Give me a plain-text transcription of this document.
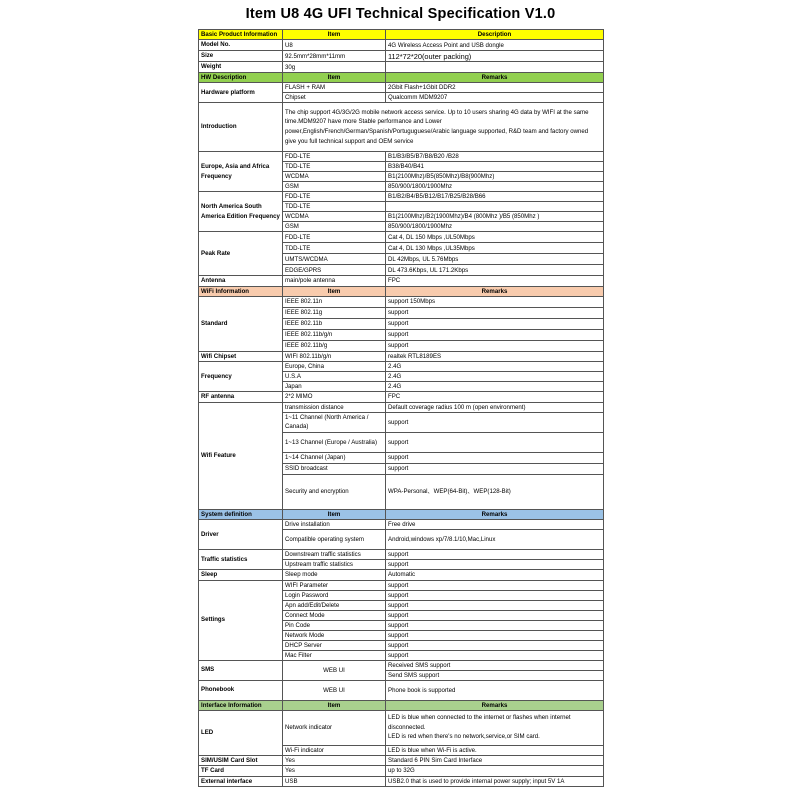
Item U8 4G UFI Technical Specification V1.0
Basic Product Information	Item	Description
Model No.	U8	4G Wireless Access Point and USB dongle
Size	92.5mm*28mm*11mm	112*72*20(outer packing)
Weight	30g	
HW Description	Item	Remarks
Hardware platform	FLASH + RAM	2Gbit Flash+1Gbit DDR2
	Chipset	Qualcomm MDM9207
Introduction	The chip support 4G/3G/2G mobile network access service. Up to 10 users sharing 4G data by WIFI at the same time.MDM9207 have more Stable performance and Lower power,English/French/German/Spanish/Portuguguese/Arabic language supported, R&D team and factory owned give you full technical support and OEM service	
Europe, Asia and Africa Frequency	FDD-LTE	B1/B3/B5/B7/B8/B20 /B28
	TDD-LTE	B38/B40/B41
	WCDMA	B1(2100Mhz)/B5(850Mhz)/B8(900Mhz)
	GSM	850/900/1800/1900Mhz
North America South America Edition Frequency	FDD-LTE	B1/B2/B4/B5/B12/B17/B25/B28/B66
	TDD-LTE	
	WCDMA	B1(2100Mhz)/B2(1900Mhz)/B4 (800Mhz )/B5 (850Mhz )
	GSM	850/900/1800/1900Mhz
Peak Rate	FDD-LTE	Cat 4, DL 150 Mbps ,UL50Mbps
	TDD-LTE	Cat 4, DL 130 Mbps ,UL35Mbps
	UMTS/WCDMA	DL 42Mbps, UL 5.76Mbps
	EDGE/GPRS	DL 473.6Kbps, UL 171.2Kbps
Antenna	main/pole antenna	FPC
WiFi Information	Item	Remarks
Standard	IEEE 802.11n	support 150Mbps
	IEEE 802.11g	support
	IEEE 802.11b	support
	IEEE 802.11b/g/n	support
	IEEE 802.11b/g	support
Wifi Chipset	WIFI 802.11b/g/n	realtek RTL8189ES
Frequency	Europe, China	2.4G
	U.S.A	2.4G
	Japan	2.4G
RF antenna	2*2 MIMO	FPC
Wifi Feature	transmission distance	Default coverage radius 100 m (open environment)
	1~11 Channel (North America / Canada)	support
	1~13 Channel (Europe / Australia)	support
	1~14 Channel (Japan)	support
	SSID broadcast	support
	Security and encryption	WPA-Personal、WEP(64-Bit)、WEP(128-Bit)
System definition	Item	Remarks
Driver	Drive installation	Free drive
	Compatible operating system	Android,windows xp/7/8.1/10,Mac,Linux
Traffic statistics	Downstream traffic statistics	support
	Upstream traffic statistics	support
Sleep	Sleep mode	Automatic
Settings	WIFI Parameter	support
	Login Password	support
	Apn add/Edit/Delete	support
	Connect Mode	support
	Pin Code	support
	Network Mode	support
	DHCP Server	support
	Mac Filter	support
SMS	WEB UI	Received SMS support
		Send SMS support
Phonebook	WEB UI	Phone book is supported
Interface Information	Item	Remarks
LED	Network indicator	LED is blue when connected to the internet or flashes when internet disconnected.
LED is red when there's no network,service,or SIM card.
	Wi-Fi indicator	LED is blue when Wi-Fi is active.
SIM/USIM Card Slot	Yes	Standard 6 PIN Sim Card Interface
TF Card	Yes	up to 32G
External interface	USB	USB2.0 that is used to provide internal power supply; input 5V 1A
